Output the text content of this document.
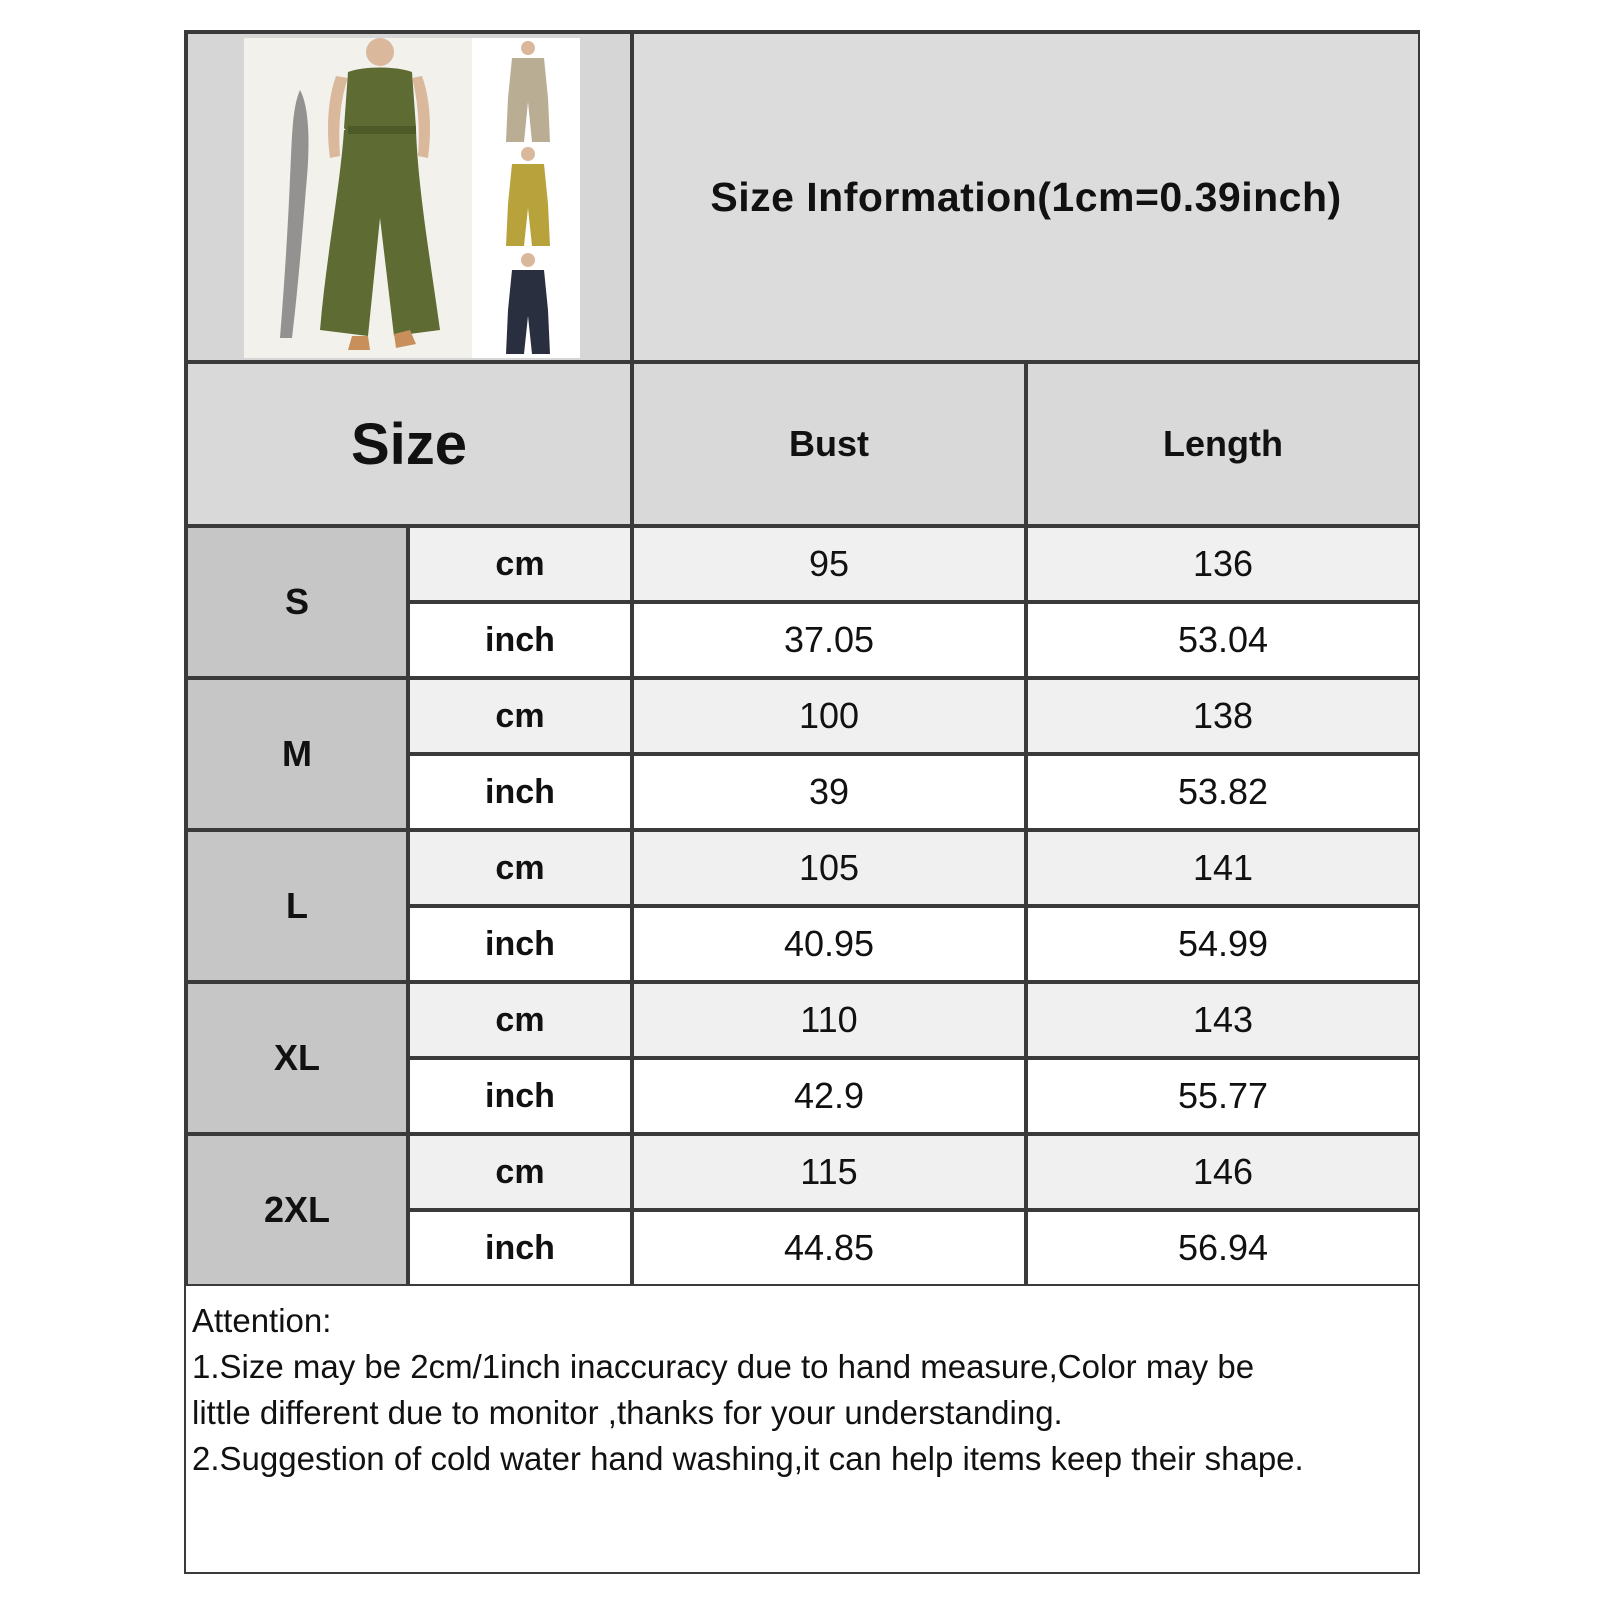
Size Information(1cm=0.39inch)
Size	Bust	Length
S
cm	95	136
inch	37.05	53.04
M
cm	100	138
inch	39	53.82
L
cm	105	141
inch	40.95	54.99
XL
cm	110	143
inch	42.9	55.77
2XL
cm	115	146
inch	44.85	56.94
Attention:
1.Size may be 2cm/1inch inaccuracy due to hand measure,Color may be
little different due to monitor ,thanks for your understanding.
2.Suggestion of cold water hand washing,it can help items keep their shape.
